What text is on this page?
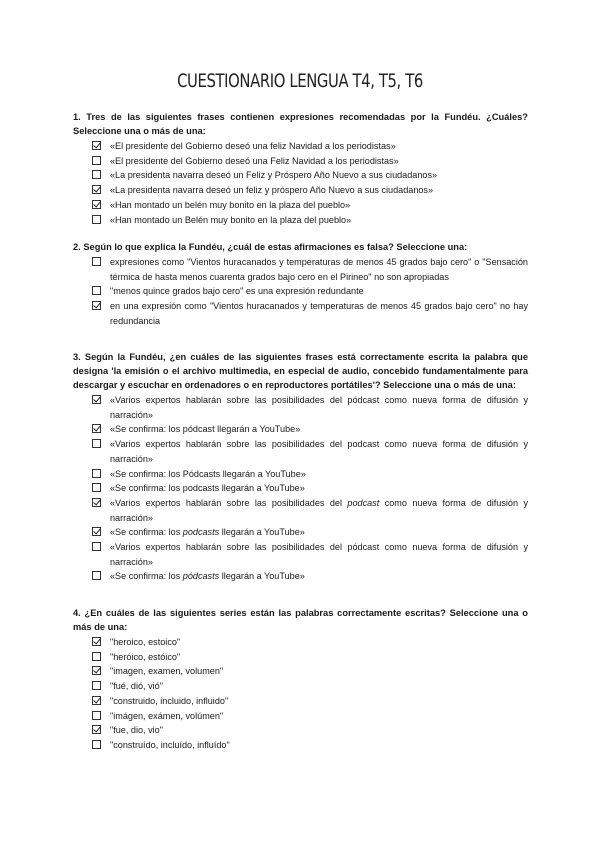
CUESTIONARIO LENGUA T4, T5, T6
1. Tres de las siguientes frases contienen expresiones recomendadas por la Fundéu. ¿Cuáles? Seleccione una o más de una:
«El presidente del Gobierno deseó una feliz Navidad a los periodistas»
«El presidente del Gobierno deseó una Feliz Navidad a los periodistas»
«La presidenta navarra deseó un Feliz y Próspero Año Nuevo a sus ciudadanos»
«La presidenta navarra deseó un feliz y próspero Año Nuevo a sus ciudadanos»
«Han montado un belén muy bonito en la plaza del pueblo»
«Han montado un Belén muy bonito en la plaza del pueblo»
2. Según lo que explica la Fundéu, ¿cuál de estas afirmaciones es falsa? Seleccione una:
expresiones como "Vientos huracanados y temperaturas de menos 45 grados bajo cero" o "Sensación térmica de hasta menos cuarenta grados bajo cero en el Pirineo" no son apropiadas
"menos quince grados bajo cero" es una expresión redundante
en una expresión como "Vientos huracanados y temperaturas de menos 45 grados bajo cero" no hay redundancia
3. Según la Fundéu, ¿en cuáles de las siguientes frases está correctamente escrita la palabra que designa 'la emisión o el archivo multimedia, en especial de audio, concebido fundamentalmente para descargar y escuchar en ordenadores o en reproductores portátiles'? Seleccione una o más de una:
«Varios expertos hablarán sobre las posibilidades del pódcast como nueva forma de difusión y narración»
«Se confirma: los pódcast llegarán a YouTube»
«Varios expertos hablarán sobre las posibilidades del podcast como nueva forma de difusión y narración»
«Se confirma: los Pódcasts llegarán a YouTube»
«Se confirma: los podcasts llegarán a YouTube»
«Varios expertos hablarán sobre las posibilidades del podcast como nueva forma de difusión y narración»
«Se confirma: los podcasts llegarán a YouTube»
«Varios expertos hablarán sobre las posibilidades del pódcast como nueva forma de difusión y narración»
«Se confirma: los pódcasts llegarán a YouTube»
4. ¿En cuáles de las siguientes series están las palabras correctamente escritas? Seleccione una o más de una:
"heroico, estoico"
"heróico, estóico"
"imagen, examen, volumen"
"fué, dió, vió"
"construido, incluido, influido"
"imágen, exámen, volúmen"
"fue, dio, vio"
"construído, incluído, influído"
